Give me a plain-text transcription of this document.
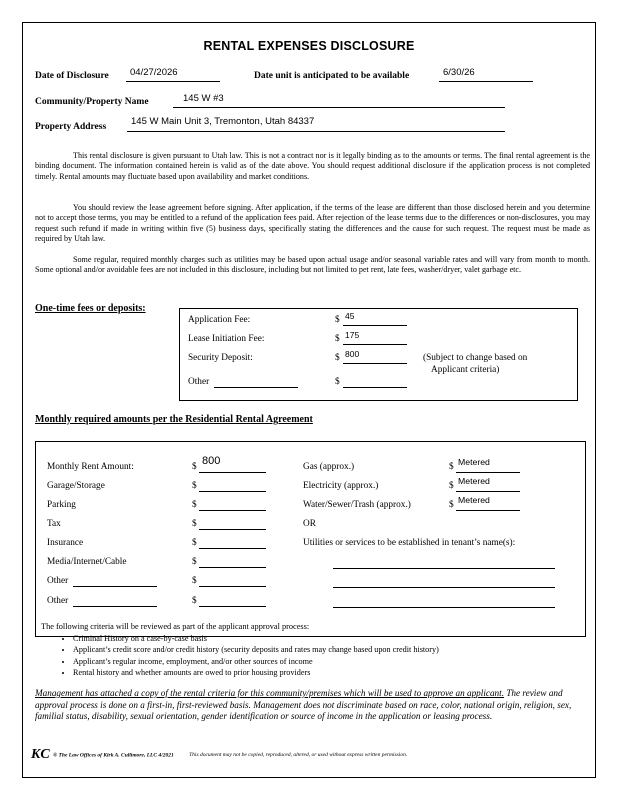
RENTAL EXPENSES DISCLOSURE
Date of Disclosure 04/27/2026	Date unit is anticipated to be available	6/30/26
Community/Property Name	145 W #3
Property Address	145 W Main Unit 3, Tremonton, Utah 84337
This rental disclosure is given pursuant to Utah law. This is not a contract nor is it legally binding as to the amounts or terms. The final rental agreement is the binding document. The information contained herein is valid as of the date above. You should request additional disclosure if the application process is not completed timely. Rental amounts may fluctuate based upon availability and market conditions.
You should review the lease agreement before signing. After application, if the terms of the lease are different than those disclosed herein and you determine not to accept those terms, you may be entitled to a refund of the application fees paid. After rejection of the lease terms due to the differences or non-disclosures, you may request such refund if made in writing within five (5) business days, specifically stating the differences and the cause for such request. The request must be made as required by Utah law.
Some regular, required monthly charges such as utilities may be based upon actual usage and/or seasonal variable rates and will vary from month to month. Some optional and/or avoidable fees are not included in this disclosure, including but not limited to pet rent, late fees, washer/dryer, valet garbage etc.
One-time fees or deposits:
Application Fee:	$ 45
Lease Initiation Fee:	$ 175
Security Deposit:	$ 800	(Subject to change based on
Applicant criteria)
Other	$
Monthly required amounts per the Residential Rental Agreement
Monthly Rent Amount:	$ 800
Garage/Storage	$
Parking	$
Tax	$
Insurance	$
Media/Internet/Cable	$
Other	$
Other	$
Gas (approx.)	$ Metered
Electricity (approx.)	$ Metered
Water/Sewer/Trash (approx.)	$ Metered
OR
Utilities or services to be established in tenant’s name(s):
The following criteria will be reviewed as part of the applicant approval process:
• Criminal History on a case-by-case basis
• Applicant’s credit score and/or credit history (security deposits and rates may change based upon credit history)
• Applicant’s regular income, employment, and/or other sources of income
• Rental history and whether amounts are owed to prior housing providers
Management has attached a copy of the rental criteria for this community/premises which will be used to approve an applicant. The review and approval process is done on a first-in, first-reviewed basis. Management does not discriminate based on race, color, national origin, religion, sex, familial status, disability, sexual orientation, gender identification or source of income in the application or leasing process.
KC ® The Law Offices of Kirk A. Cullimore, LLC 4/2021	This document may not be copied, reproduced, altered, or used without express written permission.
